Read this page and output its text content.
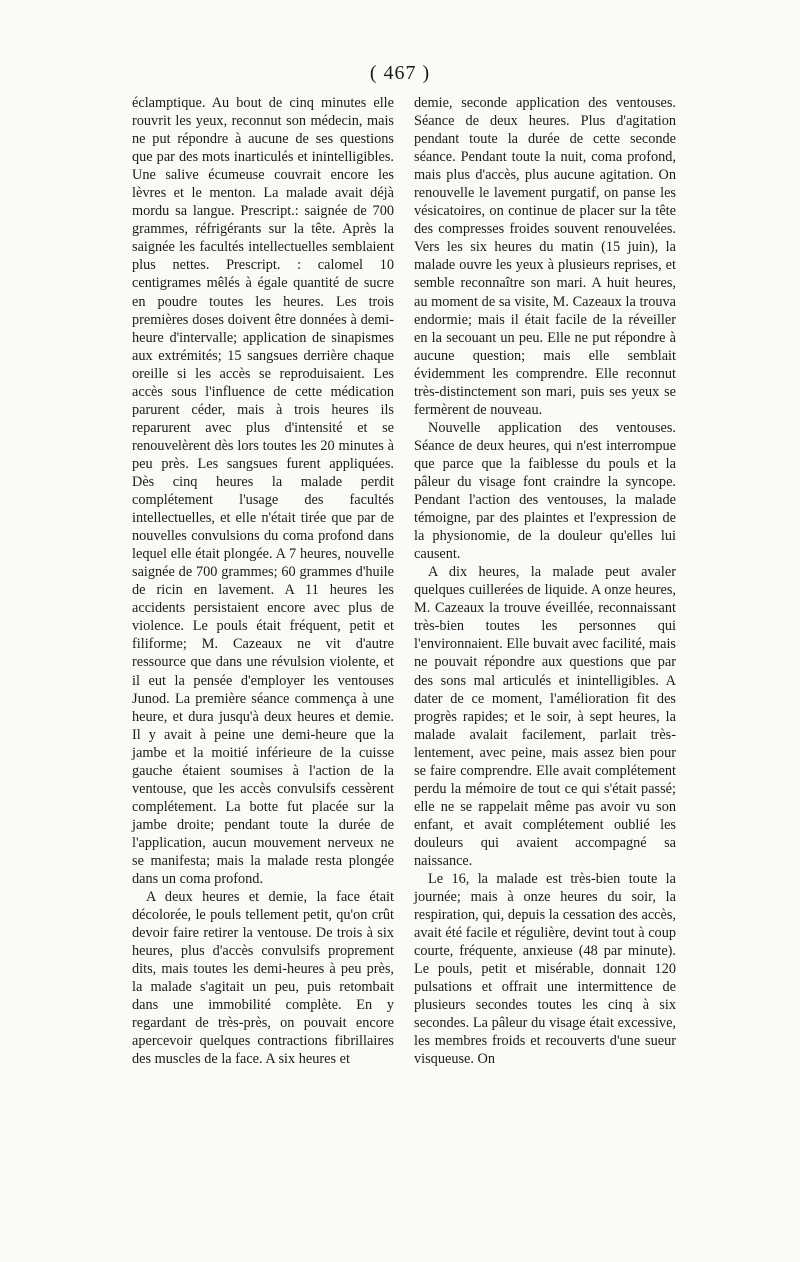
( 467 )

éclamptique. Au bout de cinq minutes elle rouvrit les yeux, reconnut son médecin, mais ne put répondre à aucune de ses questions que par des mots inarticulés et inintelligibles. Une salive écumeuse couvrait encore les lèvres et le menton. La malade avait déjà mordu sa langue. Prescript.: saignée de 700 grammes, réfrigérants sur la tête. Après la saignée les facultés intellectuelles semblaient plus nettes. Prescript. : calomel 10 centigrames mêlés à égale quantité de sucre en poudre toutes les heures. Les trois premières doses doivent être données à demi-heure d'intervalle; application de sinapismes aux extrémités; 15 sangsues derrière chaque oreille si les accès se reproduisaient. Les accès sous l'influence de cette médication parurent céder, mais à trois heures ils reparurent avec plus d'intensité et se renouvelèrent dès lors toutes les 20 minutes à peu près. Les sangsues furent appliquées. Dès cinq heures la malade perdit complétement l'usage des facultés intellectuelles, et elle n'était tirée que par de nouvelles convulsions du coma profond dans lequel elle était plongée. A 7 heures, nouvelle saignée de 700 grammes; 60 grammes d'huile de ricin en lavement. A 11 heures les accidents persistaient encore avec plus de violence. Le pouls était fréquent, petit et filiforme; M. Cazeaux ne vit d'autre ressource que dans une révulsion violente, et il eut la pensée d'employer les ventouses Junod. La première séance commença à une heure, et dura jusqu'à deux heures et demie. Il y avait à peine une demi-heure que la jambe et la moitié inférieure de la cuisse gauche étaient soumises à l'action de la ventouse, que les accès convulsifs cessèrent complétement. La botte fut placée sur la jambe droite; pendant toute la durée de l'application, aucun mouvement nerveux ne se manifesta; mais la malade resta plongée dans un coma profond.

A deux heures et demie, la face était décolorée, le pouls tellement petit, qu'on crût devoir faire retirer la ventouse. De trois à six heures, plus d'accès convulsifs proprement dits, mais toutes les demi-heures à peu près, la malade s'agitait un peu, puis retombait dans une immobilité complète. En y regardant de très-près, on pouvait encore apercevoir quelques contractions fibrillaires des muscles de la face. A six heures et

demie, seconde application des ventouses. Séance de deux heures. Plus d'agitation pendant toute la durée de cette seconde séance. Pendant toute la nuit, coma profond, mais plus d'accès, plus aucune agitation. On renouvelle le lavement purgatif, on panse les vésicatoires, on continue de placer sur la tête des compresses froides souvent renouvelées. Vers les six heures du matin (15 juin), la malade ouvre les yeux à plusieurs reprises, et semble reconnaître son mari. A huit heures, au moment de sa visite, M. Cazeaux la trouva endormie; mais il était facile de la réveiller en la secouant un peu. Elle ne put répondre à aucune question; mais elle semblait évidemment les comprendre. Elle reconnut très-distinctement son mari, puis ses yeux se fermèrent de nouveau.

Nouvelle application des ventouses. Séance de deux heures, qui n'est interrompue que parce que la faiblesse du pouls et la pâleur du visage font craindre la syncope. Pendant l'action des ventouses, la malade témoigne, par des plaintes et l'expression de la physionomie, de la douleur qu'elles lui causent.

A dix heures, la malade peut avaler quelques cuillerées de liquide. A onze heures, M. Cazeaux la trouve éveillée, reconnaissant très-bien toutes les personnes qui l'environnaient. Elle buvait avec facilité, mais ne pouvait répondre aux questions que par des sons mal articulés et inintelligibles. A dater de ce moment, l'amélioration fit des progrès rapides; et le soir, à sept heures, la malade avalait facilement, parlait très-lentement, avec peine, mais assez bien pour se faire comprendre. Elle avait complétement perdu la mémoire de tout ce qui s'était passé; elle ne se rappelait même pas avoir vu son enfant, et avait complétement oublié les douleurs qui avaient accompagné sa naissance.

Le 16, la malade est très-bien toute la journée; mais à onze heures du soir, la respiration, qui, depuis la cessation des accès, avait été facile et régulière, devint tout à coup courte, fréquente, anxieuse (48 par minute). Le pouls, petit et misérable, donnait 120 pulsations et offrait une intermittence de plusieurs secondes toutes les cinq à six secondes. La pâleur du visage était excessive, les membres froids et recouverts d'une sueur visqueuse. On
